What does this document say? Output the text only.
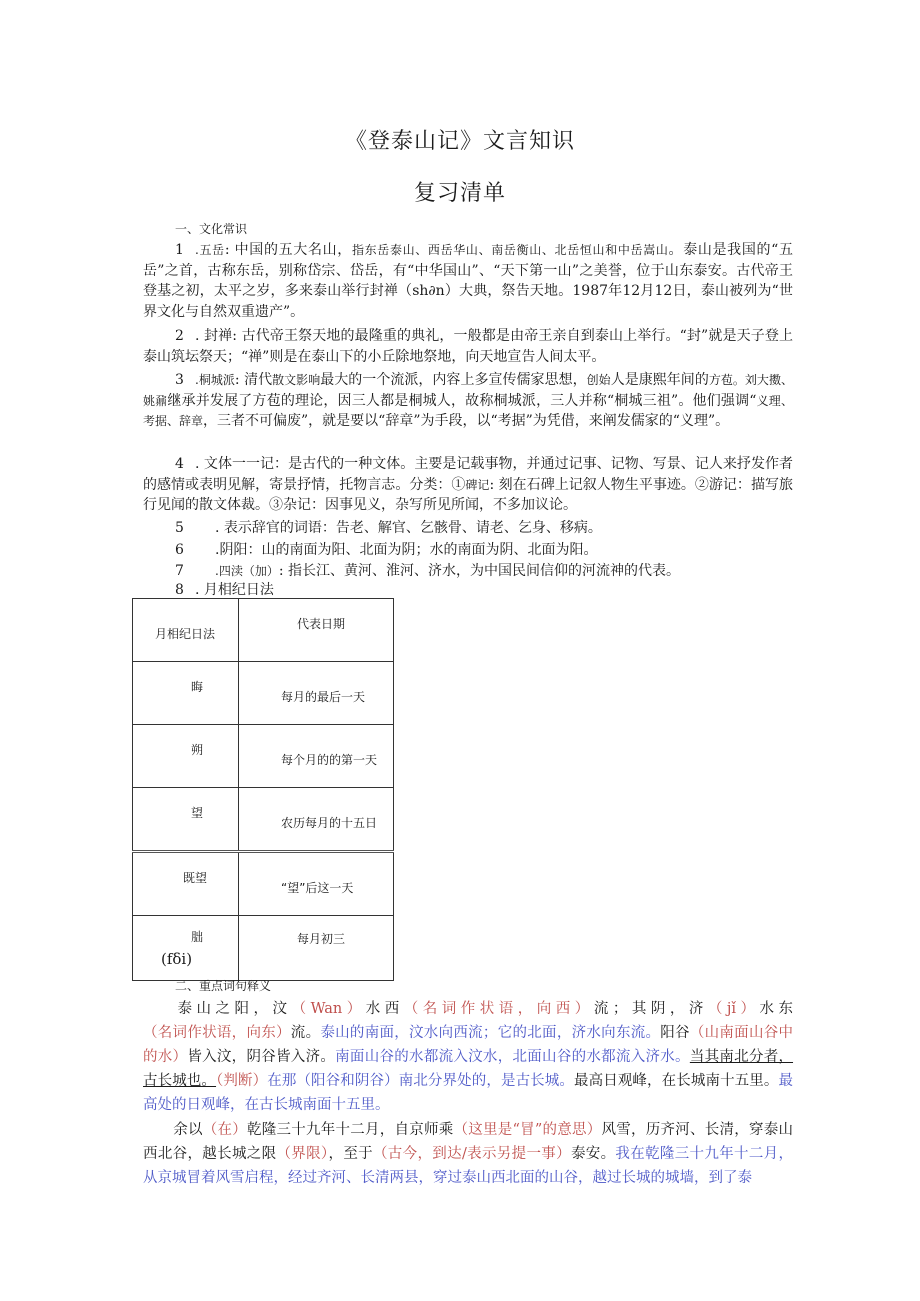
《登泰山记》文言知识
复习清单
一、文化常识
1 .五岳: 中国的五大名山，指东岳泰山、西岳华山、南岳衡山、北岳恒山和中岳嵩山。泰山是我国的“五岳”之首，古称东岳，别称岱宗、岱岳，有“中华国山”、“天下第一山”之美誉，位于山东泰安。古代帝王登基之初，太平之岁，多来泰山举行封禅（sh∂n）大典，祭告天地。1987年12月12日，泰山被列为“世界文化与自然双重遗产”。
2 . 封禅: 古代帝王祭天地的最隆重的典礼，一般都是由帝王亲自到泰山上举行。“封”就是天子登上泰山筑坛祭天；“禅”则是在泰山下的小丘除地祭地，向天地宣告人间太平。
3 .桐城派: 清代散文影响最大的一个流派，内容上多宣传儒家思想，创始人是康熙年间的方苞。刘大擞、姚鼐继承并发展了方苞的理论，因三人都是桐城人，故称桐城派，三人并称“桐城三祖”。他们强调“义理、考据、辞章，三者不可偏废”，就是要以“辞章”为手段，以“考据”为凭借，来阐发儒家的“义理”。
4 . 文体一一记：是古代的一种文体。主要是记载事物，并通过记事、记物、写景、记人来抒发作者的感情或表明见解，寄景抒情，托物言志。分类：①碑记: 刻在石碑上记叙人物生平事迹。②游记：描写旅行见闻的散文体裁。③杂记：因事见义，杂写所见所闻，不多加议论。
5 . 表示辞官的词语：告老、解官、乞骸骨、请老、乞身、移病。
6 .阴阳：山的南面为阳、北面为阴；水的南面为阴、北面为阳。
7	.四渎（加）: 指长江、黄河、淮河、济水，为中国民间信仰的河流神的代表。
8 . 月相纪日法
月相纪日法	代表日期

晦	每月的最后一天

朔	每个月的的第一天

望	农历每月的十五日

既望	“望”后这一天

朏
(fδi)	每月初三
二、重点词句释义
泰山之阳，汶（Wan）水西（名词作状语，向西）流；其阴，济（jǐ）水东（名词作状语，向东）流。泰山的南面，汶水向西流；它的北面，济水向东流。阳谷（山南面山谷中的水）皆入汶，阴谷皆入济。南面山谷的水都流入汶水，北面山谷的水都流入济水。当其南北分者，古长城也。（判断）在那（阳谷和阴谷）南北分界处的，是古长城。最高日观峰，在长城南十五里。最高处的日观峰，在古长城南面十五里。
余以（在）乾隆三十九年十二月，自京师乘（这里是“冒”的意思）风雪，历齐河、长清，穿泰山西北谷，越长城之限（界限），至于（古今，到达/表示另提一事）泰安。我在乾隆三十九年十二月，从京城冒着风雪启程，经过齐河、长清两县，穿过泰山西北面的山谷，越过长城的城墙，到了泰
